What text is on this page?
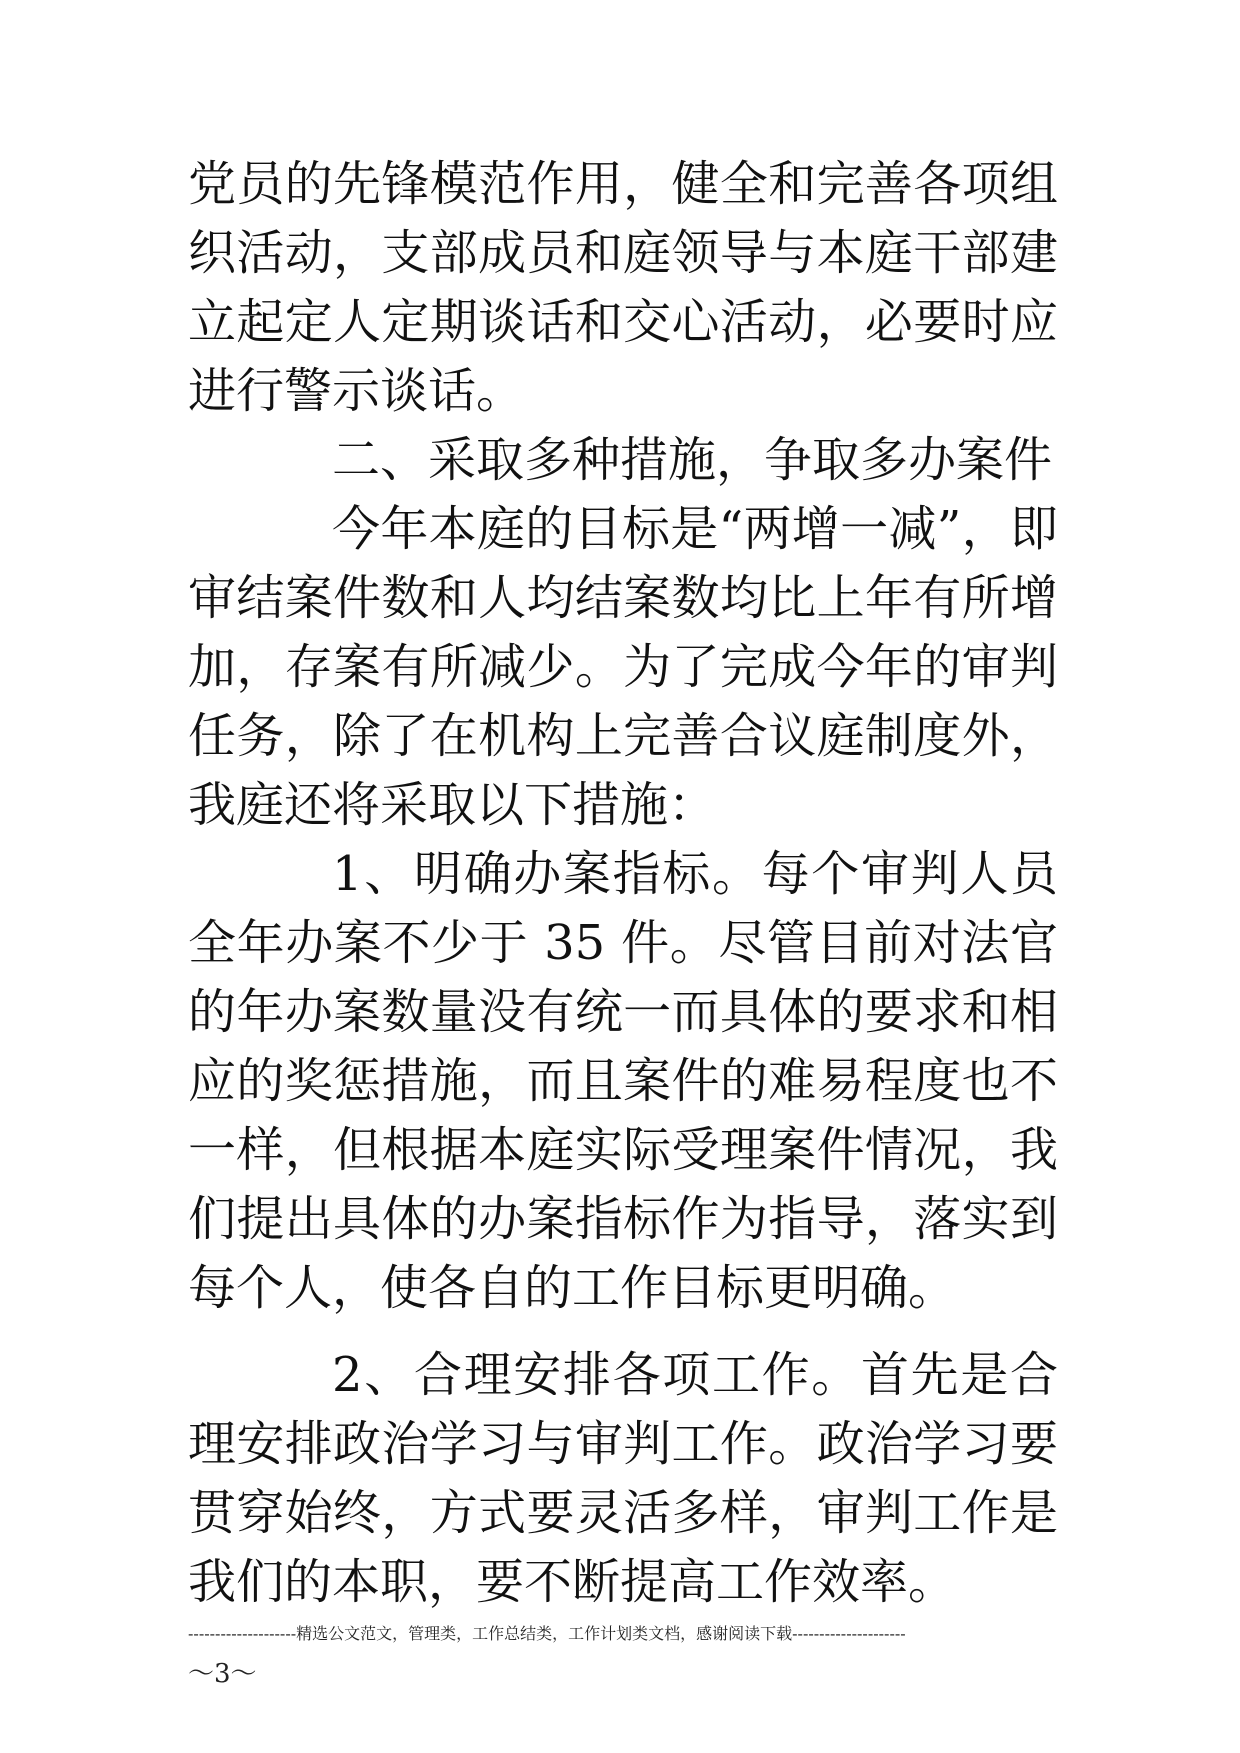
党员的先锋模范作用，健全和完善各项组织活动，支部成员和庭领导与本庭干部建立起定人定期谈话和交心活动，必要时应进行警示谈话。

二、采取多种措施，争取多办案件

今年本庭的目标是“两增一减”，即审结案件数和人均结案数均比上年有所增加，存案有所减少。为了完成今年的审判任务，除了在机构上完善合议庭制度外，我庭还将采取以下措施：

1、明确办案指标。每个审判人员全年办案不少于 35 件。尽管目前对法官的年办案数量没有统一而具体的要求和相应的奖惩措施，而且案件的难易程度也不一样，但根据本庭实际受理案件情况，我们提出具体的办案指标作为指导，落实到每个人，使各自的工作目标更明确。

2、合理安排各项工作。首先是合理安排政治学习与审判工作。政治学习要贯穿始终，方式要灵活多样，审判工作是我们的本职，要不断提高工作效率。

--------------------精选公文范文，管理类，工作总结类，工作计划类文档，感谢阅读下载---------------------
～3～
